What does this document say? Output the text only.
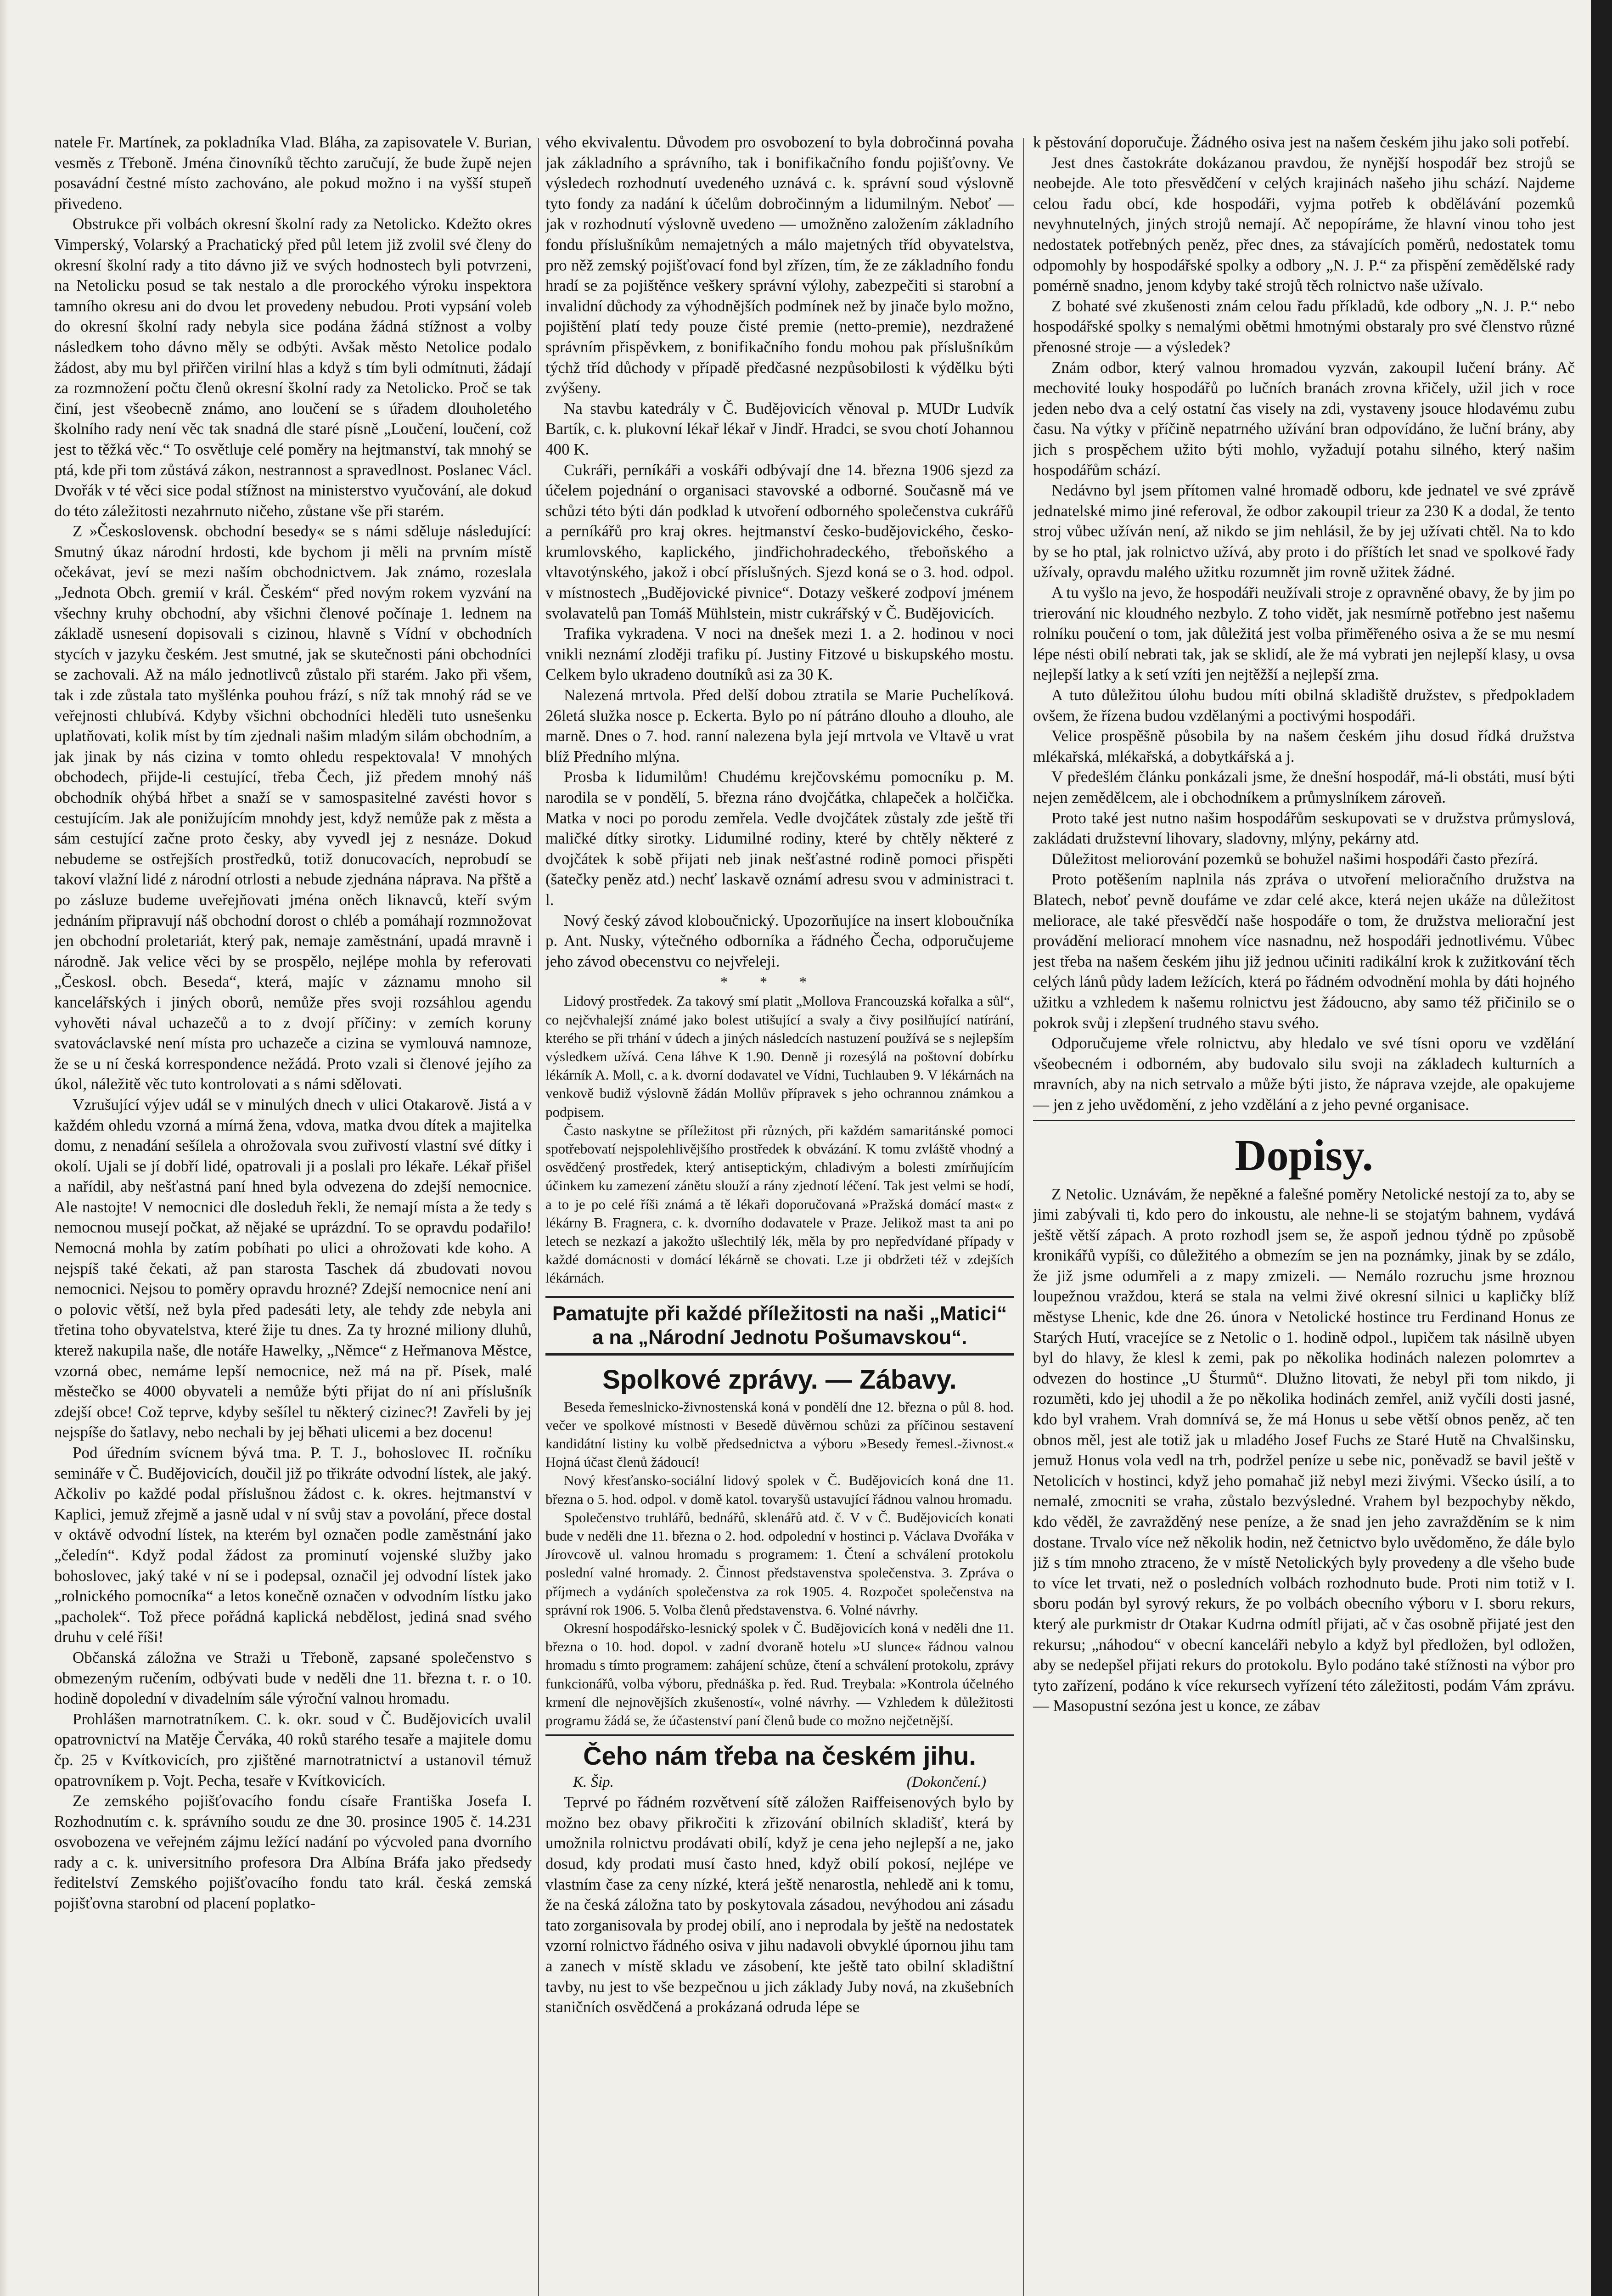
natele Fr. Martínek, za pokladníka Vlad. Bláha, za zapisovatele V. Burian, vesměs z Třeboně. Jména činovníků těchto zaručují, že bude župě nejen posavádní čestné místo zachováno, ale pokud možno i na vyšší stupeň přivedeno.

Obstrukce při volbách okresní školní rady za Netolicko. Kdežto okres Vimperský, Volarský a Prachatický před půl letem již zvolil své členy do okresní školní rady a tito dávno již ve svých hodnostech byli potvrzeni, na Netolicku posud se tak nestalo a dle prorockého výroku inspektora tamního okresu ani do dvou let provedeny nebudou. Proti vypsání voleb do okresní školní rady nebyla sice podána žádná stížnost a volby následkem toho dávno měly se odbýti. Avšak město Netolice podalo žádost, aby mu byl přiřčen virilní hlas a když s tím byli odmítnuti, žádají za rozmnožení počtu členů okresní školní rady za Netolicko. Proč se tak činí, jest všeobecně známo, ano loučení se s úřadem dlouholetého školního rady není věc tak snadná dle staré písně „Loučení, loučení, což jest to těžká věc.“ To osvětluje celé poměry na hejtmanství, tak mnohý se ptá, kde při tom zůstává zákon, nestrannost a spravedlnost. Poslanec Václ. Dvořák v té věci sice podal stížnost na ministerstvo vyučování, ale dokud do této záležitosti nezahrnuto ničeho, zůstane vše při starém.

Z »Československ. obchodní besedy« se s námi sděluje následující: Smutný úkaz národní hrdosti, kde bychom ji měli na prvním místě očekávat, jeví se mezi naším obchodnictvem. Jak známo, rozeslala „Jednota Obch. gremií v král. Českém“ před novým rokem vyzvání na všechny kruhy obchodní, aby všichni členové počínaje 1. lednem na základě usnesení dopisovali s cizinou, hlavně s Vídní v obchodních stycích v jazyku českém. Jest smutné, jak se skutečnosti páni obchodníci se zachovali. Až na málo jednotlivců zůstalo při starém. Jako při všem, tak i zde zůstala tato myšlénka pouhou frází, s níž tak mnohý rád se ve veřejnosti chlubívá. Kdyby všichni obchodníci hleděli tuto usnešenku uplatňovati, kolik míst by tím zjednali našim mladým silám obchodním, a jak jinak by nás cizina v tomto ohledu respektovala! V mnohých obchodech, přijde-li cestující, třeba Čech, již předem mnohý náš obchodník ohýbá hřbet a snaží se v samospasitelné zavésti hovor s cestujícím. Jak ale ponižujícím mnohdy jest, když nemůže pak z města a sám cestující začne proto česky, aby vyvedl jej z nesnáze. Dokud nebudeme se ostřejších prostředků, totiž donucovacích, neprobudí se takoví vlažní lidé z národní otrlosti a nebude zjednána náprava. Na přště a po zásluze budeme uveřejňovati jména oněch liknavců, kteří svým jednáním připravují náš obchodní dorost o chléb a pomáhají rozmnožovat jen obchodní proletariát, který pak, nemaje zaměstnání, upadá mravně i národně. Jak velice věci by se prospělo, nejlépe mohla by referovati „Českosl. obch. Beseda“, která, majíc v záznamu mnoho sil kancelářských i jiných oborů, nemůže přes svoji rozsáhlou agendu vyhověti nával uchazečů a to z dvojí příčiny: v zemích koruny svatováclavské není místa pro uchazeče a cizina se vymlouvá namnoze, že se u ní česká korrespondence nežádá. Proto vzali si členové jejího za úkol, náležitě věc tuto kontrolovati a s námi sdělovati.

Vzrušující výjev udál se v minulých dnech v ulici Otakarově. Jistá a v každém ohledu vzorná a mírná žena, vdova, matka dvou dítek a majitelka domu, z nenadání sešílela a ohrožovala svou zuřivostí vlastní své dítky i okolí. Ujali se jí dobří lidé, opatrovali ji a poslali pro lékaře. Lékař přišel a nařídil, aby nešťastná paní hned byla odvezena do zdejší nemocnice. Ale nastojte! V nemocnici dle dosleduh řekli, že nemají místa a že tedy s nemocnou musejí počkat, až nějaké se uprázdní. To se opravdu podařilo! Nemocná mohla by zatím pobíhati po ulici a ohrožovati kde koho. A nejspíš také čekati, až pan starosta Taschek dá zbudovati novou nemocnici. Nejsou to poměry opravdu hrozné? Zdejší nemocnice není ani o polovic větší, než byla před padesáti lety, ale tehdy zde nebyla ani třetina toho obyvatelstva, které žije tu dnes. Za ty hrozné miliony dluhů, kterež nakupila naše, dle notáře Hawelky, „Němce“ z Heřmanova Městce, vzorná obec, nemáme lepší nemocnice, než má na př. Písek, malé městečko se 4000 obyvateli a nemůže býti přijat do ní ani příslušník zdejší obce! Což teprve, kdyby sešílel tu některý cizinec?! Zavřeli by jej nejspíše do šatlavy, nebo nechali by jej běhati ulicemi a bez docenu!

Pod úředním svícnem bývá tma. P. T. J., bohoslovec II. ročníku semináře v Č. Budějovicích, doučil již po třikráte odvodní lístek, ale jaký. Ačkoliv po každé podal příslušnou žádost c. k. okres. hejtmanství v Kaplici, jemuž zřejmě a jasně udal v ní svůj stav a povolání, přece dostal v oktávě odvodní lístek, na kterém byl označen podle zaměstnání jako „čeledín“. Když podal žádost za prominutí vojenské služby jako bohoslovec, jaký také v ní se i podepsal, označil jej odvodní lístek jako „rolnického pomocníka“ a letos konečně označen v odvodním lístku jako „pacholek“. Tož přece pořádná kaplická nebdělost, jediná snad svého druhu v celé říši!

Občanská záložna ve Straži u Třeboně, zapsané společenstvo s obmezeným ručením, odbývati bude v neděli dne 11. března t. r. o 10. hodině dopolední v divadelním sále výroční valnou hromadu.

Prohlášen marnotratníkem. C. k. okr. soud v Č. Budějovicích uvalil opatrovnictví na Matěje Červáka, 40 roků starého tesaře a majitele domu čp. 25 v Kvítkovicích, pro zjištěné marnotratnictví a ustanovil témuž opatrovníkem p. Vojt. Pecha, tesaře v Kvítkovicích.

Ze zemského pojišťovacího fondu císaře Františka Josefa I. Rozhodnutím c. k. správního soudu ze dne 30. prosince 1905 č. 14.231 osvobozena ve veřejném zájmu ležící nadání po výcvoled pana dvorního rady a c. k. universitního profesora Dra Albína Bráfa jako předsedy ředitelství Zemského pojišťovacího fondu tato král. česká zemská pojišťovna starobní od placení poplatko-

vého ekvivalentu. Důvodem pro osvobození to byla dobročinná povaha jak základního a správního, tak i bonifikačního fondu pojišťovny. Ve výsledech rozhodnutí uvedeného uznává c. k. správní soud výslovně tyto fondy za nadání k účelům dobročinným a lidumilným. Neboť — jak v rozhodnutí výslovně uvedeno — umožněno založením základního fondu příslušníkům nemajetných a málo majetných tříd obyvatelstva, pro něž zemský pojišťovací fond byl zřízen, tím, že ze základního fondu hradí se za pojištěnce veškery správní výlohy, zabezpečiti si starobní a invalidní důchody za výhodnějších podmínek než by jinače bylo možno, pojištění platí tedy pouze čisté premie (netto-premie), nezdražené správním přispěvkem, z bonifikačního fondu mohou pak příslušníkům týchž tříd důchody v případě předčasné nezpůsobilosti k výdělku býti zvýšeny.

Na stavbu katedrály v Č. Budějovicích věnoval p. MUDr Ludvík Bartík, c. k. plukovní lékař lékař v Jindř. Hradci, se svou chotí Johannou 400 K.

Cukráři, perníkáři a voskáři odbývají dne 14. března 1906 sjezd za účelem pojednání o organisaci stavovské a odborné. Současně má ve schůzi této býti dán podklad k utvoření odborného společenstva cukrářů a perníkářů pro kraj okres. hejtmanství česko-budějovického, česko-krumlovského, kaplického, jindřichohradeckého, třeboňského a vltavotýnského, jakož i obcí příslušných. Sjezd koná se o 3. hod. odpol. v místnostech „Budějovické pivnice“. Dotazy veškeré zodpoví jménem svolavatelů pan Tomáš Mühlstein, mistr cukrářský v Č. Budějovicích.

Trafika vykradena. V noci na dnešek mezi 1. a 2. hodinou v noci vnikli neznámí zloději trafiku pí. Justiny Fitzové u biskupského mostu. Celkem bylo ukradeno doutníků asi za 30 K.

Nalezená mrtvola. Před delší dobou ztratila se Marie Puchelíková. 26letá služka nosce p. Eckerta. Bylo po ní pátráno dlouho a dlouho, ale marně. Dnes o 7. hod. ranní nalezena byla její mrtvola ve Vltavě u vrat blíž Předního mlýna.

Prosba k lidumilům! Chudému krejčovskému pomocníku p. M. narodila se v pondělí, 5. března ráno dvojčátka, chlapeček a holčička. Matka v noci po porodu zemřela. Vedle dvojčátek zůstaly zde ještě tři maličké dítky sirotky. Lidumilné rodiny, které by chtěly některé z dvojčátek k sobě přijati neb jinak nešťastné rodině pomoci přispěti (šatečky peněz atd.) nechť laskavě oznámí adresu svou v administraci t. l.

Nový český závod kloboučnický. Upozorňujíce na insert kloboučníka p. Ant. Nusky, výtečného odborníka a řádného Čecha, odporučujeme jeho závod obecenstvu co nejvřeleji.

***

Lidový prostředek. Za takový smí platit „Mollova Francouzská kořalka a sůl“, co nejčvhalejší známé jako bolest utišující a svaly a čivy posilňující natírání, kterého se při trhání v údech a jiných následcích nastuzení používá se s nejlepším výsledkem užívá. Cena láhve K 1.90. Denně ji rozesýlá na poštovní dobírku lékárník A. Moll, c. a k. dvorní dodavatel ve Vídni, Tuchlauben 9. V lékárnách na venkově budiž výslovně žádán Mollův přípravek s jeho ochrannou známkou a podpisem.

Často naskytne se příležitost při různých, při každém samaritánské pomoci spotřebovatí nejspolehlivějšího prostředek k obvázání. K tomu zvláště vhodný a osvědčený prostředek, který antiseptickým, chladivým a bolesti zmírňujícím účinkem ku zamezení zánětu slouží a rány zjednotí léčení. Tak jest velmi se hodí, a to je po celé říši známá a tě lékaři doporučovaná »Pražská domácí mast« z lékárny B. Fragnera, c. k. dvorního dodavatele v Praze. Jelikož mast ta ani po letech se nezkazí a jakožto ušlechtilý lék, měla by pro nepředvídané případy v každé domácnosti v domácí lékárně se chovati. Lze ji obdržeti též v zdejších lékárnách.

Pamatujte při každé příležitosti na naši „Matici“ a na „Národní Jednotu Pošumavskou“.
Spolkové zprávy. — Zábavy.

Beseda řemeslnicko-živnostenská koná v pondělí dne 12. března o půl 8. hod. večer ve spolkové místnosti v Besedě důvěrnou schůzi za příčinou sestavení kandidátní listiny ku volbě předsednictva a výboru »Besedy řemesl.-živnost.« Hojná účast členů žádoucí!

Nový křesťansko-sociální lidový spolek v Č. Budějovicích koná dne 11. března o 5. hod. odpol. v domě katol. tovaryšů ustavující řádnou valnou hromadu.

Společenstvo truhlářů, bednářů, sklenářů atd. č. V v Č. Budějovicích konati bude v neděli dne 11. března o 2. hod. odpolední v hostinci p. Václava Dvořáka v Jírovcově ul. valnou hromadu s programem: 1. Čtení a schválení protokolu poslední valné hromady. 2. Činnost představenstva společenstva. 3. Zpráva o příjmech a vydáních společenstva za rok 1905. 4. Rozpočet společenstva na správní rok 1906. 5. Volba členů představenstva. 6. Volné návrhy.

Okresní hospodářsko-lesnický spolek v Č. Budějovicích koná v neděli dne 11. března o 10. hod. dopol. v zadní dvoraně hotelu »U slunce« řádnou valnou hromadu s tímto programem: zahájení schůze, čtení a schválení protokolu, zprávy funkcionářů, volba výboru, přednáška p. řed. Rud. Treybala: »Kontrola účelného krmení dle nejnovějších zkušeností«, volné návrhy. — Vzhledem k důležitosti programu žádá se, že účastenství paní členů bude co možno nejčetnější.

Čeho nám třeba na českém jihu.
K. Šip.	(Dokončení.)

Teprvé po řádném rozvětvení sítě záložen Raiffeisenových bylo by možno bez obavy přikročiti k zřizování obilních skladišť, která by umožnila rolnictvu prodávati obilí, když je cena jeho nejlepší a ne, jako dosud, kdy prodati musí často hned, když obilí pokosí, nejlépe ve vlastním čase za ceny nízké, která ještě nenarostla, nehledě ani k tomu, že na česká záložna tato by poskytovala zásadou, nevýhodou ani zásadu tato zorganisovala by prodej obilí, ano i neprodala by ještě na nedostatek vzorní rolnictvo řádného osiva v jihu nadavoli obvyklé úpornou jihu tam a zanech v místě skladu ve zásobení, kte ještě tato obilní skladištní tavby, nu jest to vše bezpečnou u jich základy Juby nová, na zkušebních staničních osvědčená a prokázaná odruda lépe se

k pěstování doporučuje. Žádného osiva jest na našem českém jihu jako soli potřebí.

Jest dnes častokráte dokázanou pravdou, že nynější hospodář bez strojů se neobejde. Ale toto přesvědčení v celých krajinách našeho jihu schází. Najdeme celou řadu obcí, kde hospodáři, vyjma potřeb k obdělávání pozemků nevyhnutelných, jiných strojů nemají. Ač nepopíráme, že hlavní vinou toho jest nedostatek potřebných peněz, přec dnes, za stávajících poměrů, nedostatek tomu odpomohly by hospodářské spolky a odbory „N. J. P.“ za přispění zemědělské rady pomérně snadno, jenom kdyby také strojů těch rolnictvo naše užívalo.

Z bohaté své zkušenosti znám celou řadu příkladů, kde odbory „N. J. P.“ nebo hospodářské spolky s nemalými obětmi hmotnými obstaraly pro své členstvo různé přenosné stroje — a výsledek?

Znám odbor, který valnou hromadou vyzván, zakoupil lučení brány. Ač mechovité louky hospodářů po lučních branách zrovna křičely, užil jich v roce jeden nebo dva a celý ostatní čas visely na zdi, vystaveny jsouce hlodavému zubu času. Na výtky v příčině nepatrného užívání bran odpovídáno, že luční brány, aby jich s prospěchem užito býti mohlo, vyžadují potahu silného, který našim hospodářům schází.

Nedávno byl jsem přítomen valné hromadě odboru, kde jednatel ve své zprávě jednatelské mimo jiné referoval, že odbor zakoupil trieur za 230 K a dodal, že tento stroj vůbec užíván není, až nikdo se jim nehlásil, že by jej užívati chtěl. Na to kdo by se ho ptal, jak rolnictvo užívá, aby proto i do příštích let snad ve spolkové řady užívaly, opravdu malého užitku rozumnět jim rovně užitek žádné.

A tu vyšlo na jevo, že hospodáři neužívali stroje z opravněné obavy, že by jim po trierování nic kloudného nezbylo. Z toho vidět, jak nesmírně potřebno jest našemu rolníku poučení o tom, jak důležitá jest volba přiměřeného osiva a že se mu nesmí lépe nésti obilí nebrati tak, jak se sklidí, ale že má vybrati jen nejlepší klasy, u ovsa nejlepší latky a k setí vzíti jen nejtěžší a nejlepší zrna.

A tuto důležitou úlohu budou míti obilná skladiště družstev, s předpokladem ovšem, že řízena budou vzdělanými a poctivými hospodáři.

Velice prospěšně působila by na našem českém jihu dosud řídká družstva mlékařská, mlékařská, a dobytkářská a j.

V předešlém článku ponkázali jsme, že dnešní hospodář, má-li obstáti, musí býti nejen zemědělcem, ale i obchodníkem a průmyslníkem zároveň.

Proto také jest nutno našim hospodářům seskupovati se v družstva průmyslová, zakládati družstevní lihovary, sladovny, mlýny, pekárny atd.

Důležitost meliorování pozemků se bohužel našimi hospodáři často přezírá.

Proto potěšením naplnila nás zpráva o utvoření melioračního družstva na Blatech, neboť pevně doufáme ve zdar celé akce, která nejen ukáže na důležitost meliorace, ale také přesvědčí naše hospodáře o tom, že družstva meliorační jest provádění meliorací mnohem více nasnadnu, než hospodáři jednotlivému. Vůbec jest třeba na našem českém jihu již jednou učiniti radikální krok k zužitkování těch celých lánů půdy ladem ležících, která po řádném odvodnění mohla by dáti hojného užitku a vzhledem k našemu rolnictvu jest žádoucno, aby samo též přičinilo se o pokrok svůj i zlepšení trudného stavu svého.

Odporučujeme vřele rolnictvu, aby hledalo ve své tísni oporu ve vzdělání všeobecném i odborném, aby budovalo silu svoji na základech kulturních a mravních, aby na nich setrvalo a může býti jisto, že náprava vzejde, ale opakujeme — jen z jeho uvědomění, z jeho vzdělání a z jeho pevné organisace.

Dopisy.

Z Netolic. Uznávám, že nepěkné a falešné poměry Netolické nestojí za to, aby se jimi zabývali ti, kdo pero do inkoustu, ale nehne-li se stojatým bahnem, vydává ještě větší zápach. A proto rozhodl jsem se, že aspoň jednou týdně po způsobě kronikářů vypíši, co důležitého a obmezím se jen na poznámky, jinak by se zdálo, že již jsme odumřeli a z mapy zmizeli. — Nemálo rozruchu jsme hroznou loupežnou vraždou, která se stala na velmi živé okresní silnici u kapličky blíž městyse Lhenic, kde dne 26. února v Netolické hostince tru Ferdinand Honus ze Starých Hutí, vracejíce se z Netolic o 1. hodině odpol., lupičem tak násilně ubyen byl do hlavy, že klesl k zemi, pak po několika hodinách nalezen polomrtev a odvezen do hostince „U Šturmů“. Dlužno litovati, že nebyl při tom nikdo, ji rozuměti, kdo jej uhodil a že po několika hodinách zemřel, aniž vyčíli dosti jasné, kdo byl vrahem. Vrah domnívá se, že má Honus u sebe větší obnos peněz, ač ten obnos měl, jest ale totiž jak u mladého Josef Fuchs ze Staré Hutě na Chvalšinsku, jemuž Honus vola vedl na trh, podržel peníze u sebe nic, poněvadž se bavil ještě v Netolicích v hostinci, když jeho pomahač již nebyl mezi živými. Všecko úsilí, a to nemalé, zmocniti se vraha, zůstalo bezvýsledné. Vrahem byl bezpochyby někdo, kdo věděl, že zavražděný nese peníze, a že snad jen jeho zavražděním se k nim dostane. Trvalo více než několik hodin, než četnictvo bylo uvědoměno, že dále bylo již s tím mnoho ztraceno, že v místě Netolických byly provedeny a dle všeho bude to více let trvati, než o posledních volbách rozhodnuto bude. Proti nim totiž v I. sboru podán byl syrový rekurs, že po volbách obecního výboru v I. sboru rekurs, který ale purkmistr dr Otakar Kudrna odmítl přijati, ač v čas osobně přijaté jest den rekursu; „náhodou“ v obecní kanceláři nebylo a když byl předložen, byl odložen, aby se nedepšel přijati rekurs do protokolu. Bylo podáno také stížnosti na výbor pro tyto zařízení, podáno k více rekursech vyřízení této záležitosti, podám Vám zprávu. — Masopustní sezóna jest u konce, ze zábav
